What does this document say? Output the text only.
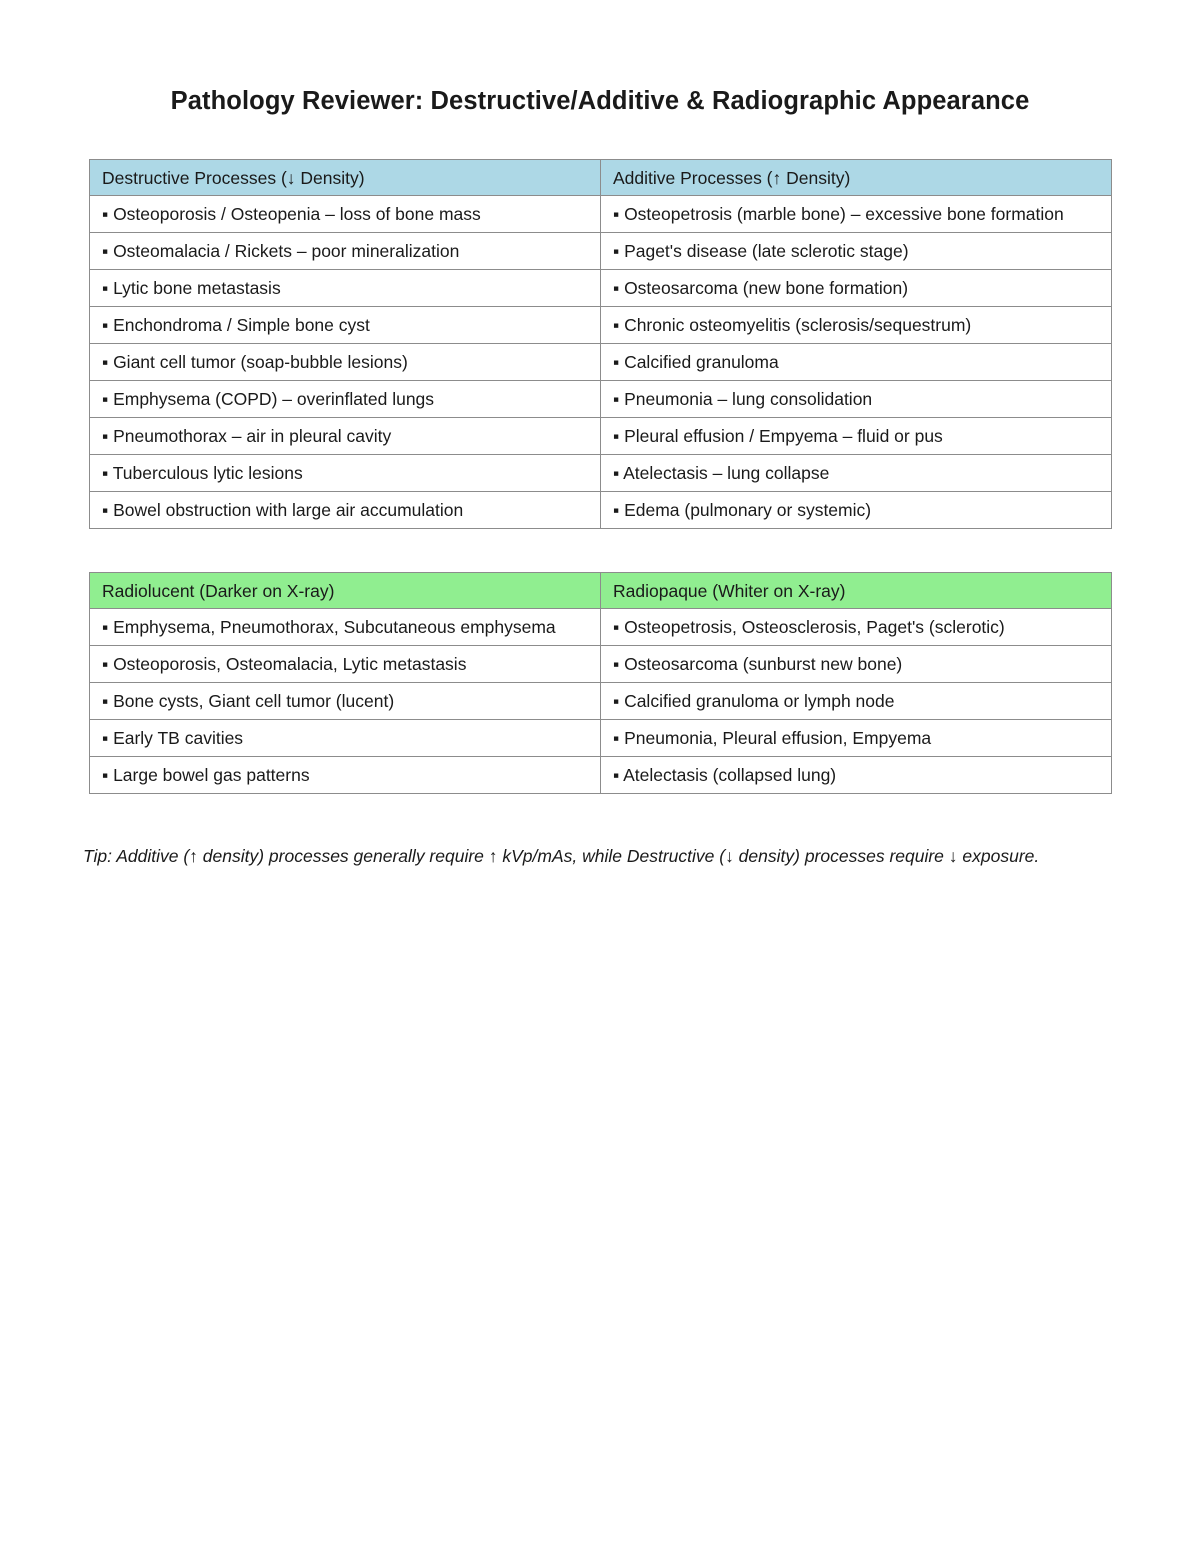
Pathology Reviewer: Destructive/Additive & Radiographic Appearance
Destructive Processes (↓ Density)	Additive Processes (↑ Density)
▪ Osteoporosis / Osteopenia – loss of bone mass	▪ Osteopetrosis (marble bone) – excessive bone formation
▪ Osteomalacia / Rickets – poor mineralization	▪ Paget's disease (late sclerotic stage)
▪ Lytic bone metastasis	▪ Osteosarcoma (new bone formation)
▪ Enchondroma / Simple bone cyst	▪ Chronic osteomyelitis (sclerosis/sequestrum)
▪ Giant cell tumor (soap-bubble lesions)	▪ Calcified granuloma
▪ Emphysema (COPD) – overinflated lungs	▪ Pneumonia – lung consolidation
▪ Pneumothorax – air in pleural cavity	▪ Pleural effusion / Empyema – fluid or pus
▪ Tuberculous lytic lesions	▪ Atelectasis – lung collapse
▪ Bowel obstruction with large air accumulation	▪ Edema (pulmonary or systemic)
Radiolucent (Darker on X-ray)	Radiopaque (Whiter on X-ray)
▪ Emphysema, Pneumothorax, Subcutaneous emphysema	▪ Osteopetrosis, Osteosclerosis, Paget's (sclerotic)
▪ Osteoporosis, Osteomalacia, Lytic metastasis	▪ Osteosarcoma (sunburst new bone)
▪ Bone cysts, Giant cell tumor (lucent)	▪ Calcified granuloma or lymph node
▪ Early TB cavities	▪ Pneumonia, Pleural effusion, Empyema
▪ Large bowel gas patterns	▪ Atelectasis (collapsed lung)

Tip: Additive (↑ density) processes generally require ↑ kVp/mAs, while Destructive (↓ density) processes require ↓ exposure.
